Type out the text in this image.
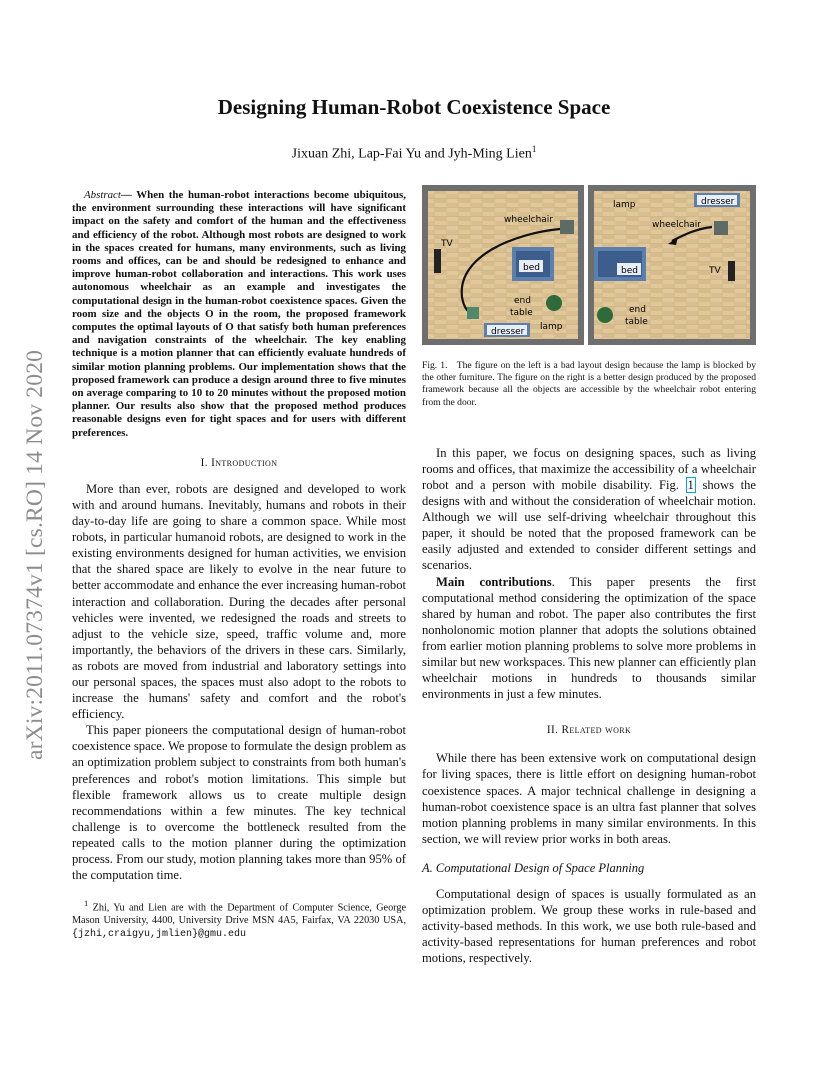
arXiv:2011.07374v1 [cs.RO] 14 Nov 2020
Designing Human-Robot Coexistence Space
Jixuan Zhi, Lap-Fai Yu and Jyh-Ming Lien$^1$

Abstract— When the human-robot interactions become ubiquitous, the environment surrounding these interactions will have significant impact on the safety and comfort of the human and the effectiveness and efficiency of the robot. Although most robots are designed to work in the spaces created for humans, many environments, such as living rooms and offices, can be and should be redesigned to enhance and improve human-robot collaboration and interactions. This work uses autonomous wheelchair as an example and investigates the computational design in the human-robot coexistence spaces. Given the room size and the objects O in the room, the proposed framework computes the optimal layouts of O that satisfy both human preferences and navigation constraints of the wheelchair. The key enabling technique is a motion planner that can efficiently evaluate hundreds of similar motion planning problems. Our implementation shows that the proposed framework can produce a design around three to five minutes on average comparing to 10 to 20 minutes without the proposed motion planner. Our results also show that the proposed method produces reasonable designs even for tight spaces and for users with different preferences.

I. Introduction

More than ever, robots are designed and developed to work with and around humans. Inevitably, humans and robots in their day-to-day life are going to share a common space. While most robots, in particular humanoid robots, are designed to work in the existing environments designed for human activities, we envision that the shared space are likely to evolve in the near future to better accommodate and enhance the ever increasing human-robot interaction and collaboration. During the decades after personal vehicles were invented, we redesigned the roads and streets to adjust to the vehicle size, speed, traffic volume and, more importantly, the behaviors of the drivers in these cars. Similarly, as robots are moved from industrial and laboratory settings into our personal spaces, the spaces must also adopt to the robots to increase the humans' safety and comfort and the robot's efficiency.

This paper pioneers the computational design of human-robot coexistence space. We propose to formulate the design problem as an optimization problem subject to constraints from both human's preferences and robot's motion limitations. This simple but flexible framework allows us to create multiple design recommendations within a few minutes. The key technical challenge is to overcome the bottleneck resulted from the repeated calls to the motion planner during the optimization process. From our study, motion planning takes more than 95% of the computation time.

$^1$ Zhi, Yu and Lien are with the Department of Computer Science, George Mason University, 4400, University Drive MSN 4A5, Fairfax, VA 22030 USA, {jzhi,craigyu,jmlien}@gmu.edu

TV
wheelchair
bed
end
table
lamp
dresser
dresser
lamp
wheelchair
bed	TV
end
table

Fig. 1. The figure on the left is a bad layout design because the lamp is blocked by the other furniture. The figure on the right is a better design produced by the proposed framework because all the objects are accessible by the wheelchair robot entering from the door.

In this paper, we focus on designing spaces, such as living rooms and offices, that maximize the accessibility of a wheelchair robot and a person with mobile disability. Fig. 1 shows the designs with and without the consideration of wheelchair motion. Although we will use self-driving wheelchair throughout this paper, it should be noted that the proposed framework can be easily adjusted and extended to consider different settings and scenarios.

Main contributions. This paper presents the first computational method considering the optimization of the space shared by human and robot. The paper also contributes the first nonholonomic motion planner that adopts the solutions obtained from earlier motion planning problems to solve more problems in similar but new workspaces. This new planner can efficiently plan wheelchair motions in hundreds to thousands similar environments in just a few minutes.

II. Related work

While there has been extensive work on computational design for living spaces, there is little effort on designing human-robot coexistence spaces. A major technical challenge in designing a human-robot coexistence space is an ultra fast planner that solves motion planning problems in many similar environments. In this section, we will review prior works in both areas.

A. Computational Design of Space Planning

Computational design of spaces is usually formulated as an optimization problem. We group these works in rule-based and activity-based methods. In this work, we use both rule-based and activity-based representations for human preferences and robot motions, respectively.
